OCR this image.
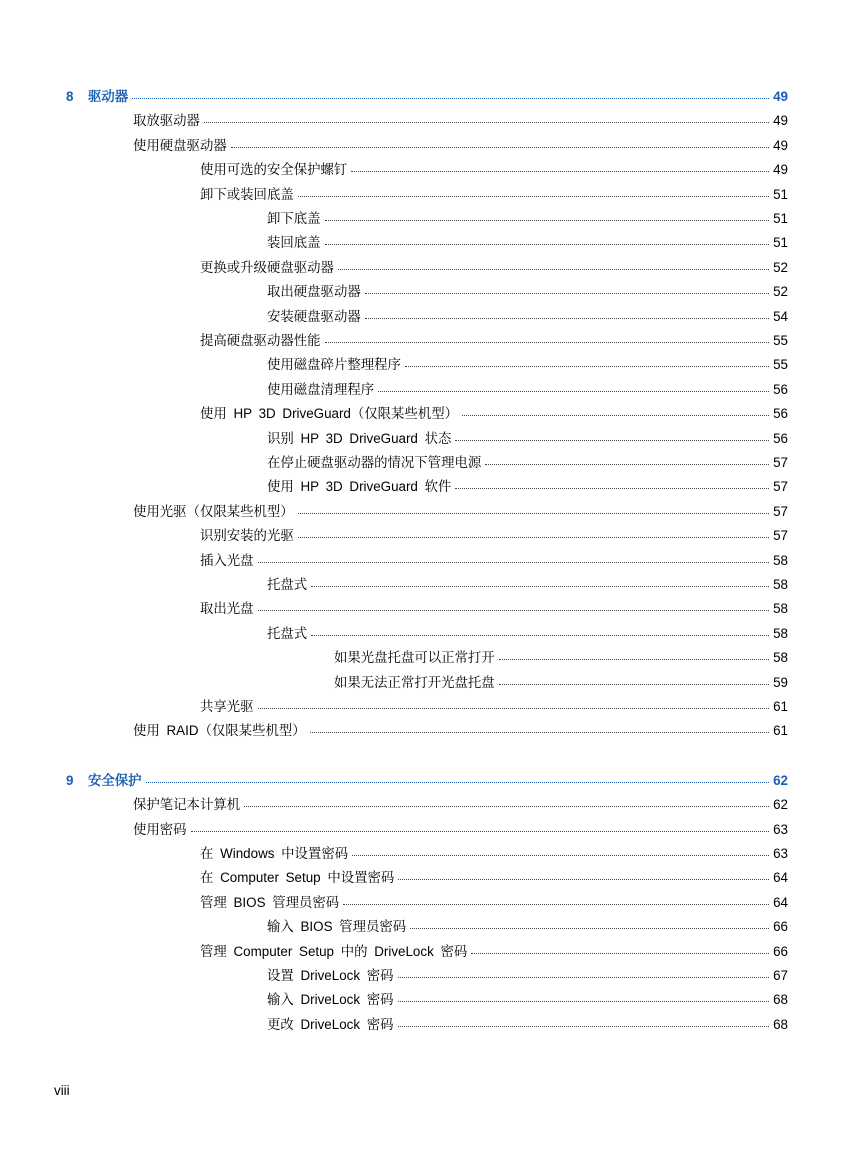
8	驱动器	49
取放驱动器	49
使用硬盘驱动器	49
使用可选的安全保护螺钉	49
卸下或装回底盖	51
卸下底盖	51
装回底盖	51
更换或升级硬盘驱动器	52
取出硬盘驱动器	52
安装硬盘驱动器	54
提高硬盘驱动器性能	55
使用磁盘碎片整理程序	55
使用磁盘清理程序	56
使用 HP 3D DriveGuard（仅限某些机型）	56
识别 HP 3D DriveGuard 状态	56
在停止硬盘驱动器的情况下管理电源	57
使用 HP 3D DriveGuard 软件	57
使用光驱（仅限某些机型）	57
识别安装的光驱	57
插入光盘	58
托盘式	58
取出光盘	58
托盘式	58
如果光盘托盘可以正常打开	58
如果无法正常打开光盘托盘	59
共享光驱	61
使用 RAID（仅限某些机型）	61
9	安全保护	62
保护笔记本计算机	62
使用密码	63
在 Windows 中设置密码	63
在 Computer Setup 中设置密码	64
管理 BIOS 管理员密码	64
输入 BIOS 管理员密码	66
管理 Computer Setup 中的 DriveLock 密码	66
设置 DriveLock 密码	67
输入 DriveLock 密码	68
更改 DriveLock 密码	68
viii
